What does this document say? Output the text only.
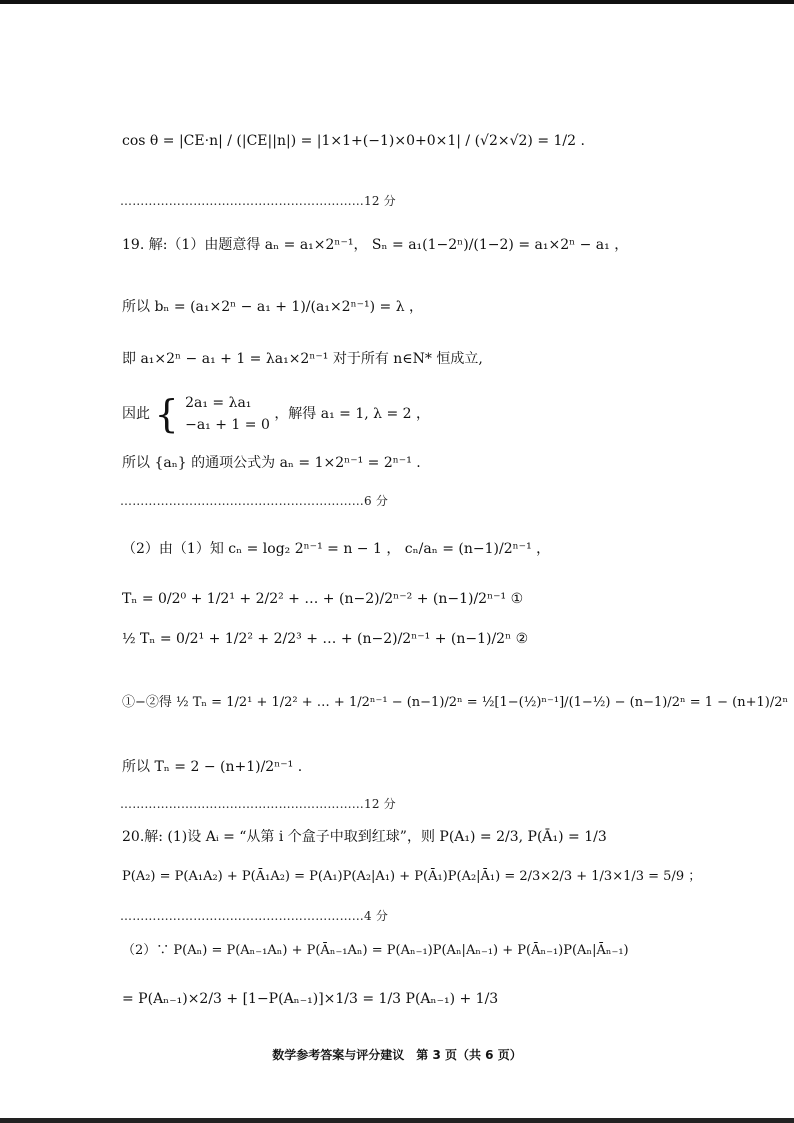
cos θ = |CE·n| / (|CE||n|) = |1×1+(−1)×0+0×1| / (√2×√2) = 1/2 .
……………………………………………………12 分
19. 解:（1）由题意得 aₙ = a₁×2ⁿ⁻¹， Sₙ = a₁(1−2ⁿ)/(1−2) = a₁×2ⁿ − a₁ ，
所以 bₙ = (a₁×2ⁿ − a₁ + 1)/(a₁×2ⁿ⁻¹) = λ ，
即 a₁×2ⁿ − a₁ + 1 = λa₁×2ⁿ⁻¹ 对于所有 n∈N* 恒成立,
因此 { 2a₁ = λa₁
−a₁ + 1 = 0
，解得 a₁ = 1, λ = 2 ，
所以 {aₙ} 的通项公式为 aₙ = 1×2ⁿ⁻¹ = 2ⁿ⁻¹ .
……………………………………………………6 分
（2）由（1）知 cₙ = log₂ 2ⁿ⁻¹ = n − 1 ， cₙ/aₙ = (n−1)/2ⁿ⁻¹ ，
Tₙ = 0/2⁰ + 1/2¹ + 2/2² + … + (n−2)/2ⁿ⁻² + (n−1)/2ⁿ⁻¹ ①
½ Tₙ = 0/2¹ + 1/2² + 2/2³ + … + (n−2)/2ⁿ⁻¹ + (n−1)/2ⁿ ②
①−②得 ½ Tₙ = 1/2¹ + 1/2² + … + 1/2ⁿ⁻¹ − (n−1)/2ⁿ = ½[1−(½)ⁿ⁻¹]/(1−½) − (n−1)/2ⁿ = 1 − (n+1)/2ⁿ
所以 Tₙ = 2 − (n+1)/2ⁿ⁻¹ .
……………………………………………………12 分
20.解: (1)设 Aᵢ = “从第 i 个盒子中取到红球”，则 P(A₁) = 2/3, P(Ā₁) = 1/3
P(A₂) = P(A₁A₂) + P(Ā₁A₂) = P(A₁)P(A₂|A₁) + P(Ā₁)P(A₂|Ā₁) = 2/3×2/3 + 1/3×1/3 = 5/9 ；
……………………………………………………4 分
（2）∵ P(Aₙ) = P(Aₙ₋₁Aₙ) + P(Āₙ₋₁Aₙ) = P(Aₙ₋₁)P(Aₙ|Aₙ₋₁) + P(Āₙ₋₁)P(Aₙ|Āₙ₋₁)
= P(Aₙ₋₁)×2/3 + [1−P(Aₙ₋₁)]×1/3 = 1/3 P(Aₙ₋₁) + 1/3
数学参考答案与评分建议　第 3 页（共 6 页）
